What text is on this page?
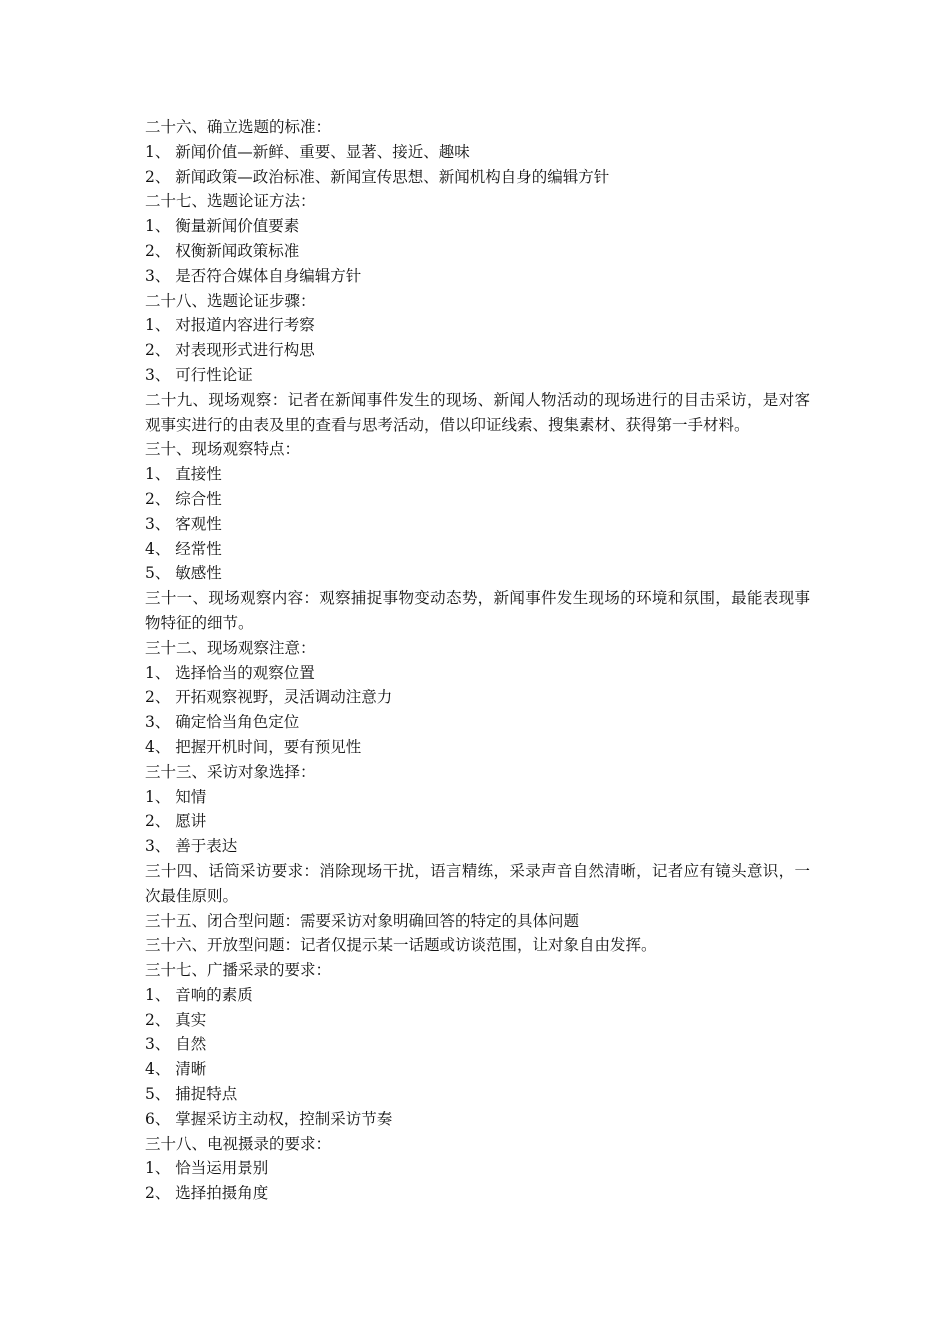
二十六、确立选题的标准：
1、 新闻价值—新鲜、重要、显著、接近、趣味
2、 新闻政策—政治标准、新闻宣传思想、新闻机构自身的编辑方针
二十七、选题论证方法：
1、 衡量新闻价值要素
2、 权衡新闻政策标准
3、 是否符合媒体自身编辑方针
二十八、选题论证步骤：
1、 对报道内容进行考察
2、 对表现形式进行构思
3、 可行性论证
二十九、现场观察：记者在新闻事件发生的现场、新闻人物活动的现场进行的目击采访，是对客观事实进行的由表及里的查看与思考活动，借以印证线索、搜集素材、获得第一手材料。
三十、现场观察特点：
1、 直接性
2、 综合性
3、 客观性
4、 经常性
5、 敏感性
三十一、现场观察内容：观察捕捉事物变动态势，新闻事件发生现场的环境和氛围，最能表现事物特征的细节。
三十二、现场观察注意：
1、 选择恰当的观察位置
2、 开拓观察视野，灵活调动注意力
3、 确定恰当角色定位
4、 把握开机时间，要有预见性
三十三、采访对象选择：
1、 知情
2、 愿讲
3、 善于表达
三十四、话筒采访要求：消除现场干扰，语言精练，采录声音自然清晰，记者应有镜头意识，一次最佳原则。
三十五、闭合型问题：需要采访对象明确回答的特定的具体问题
三十六、开放型问题：记者仅提示某一话题或访谈范围，让对象自由发挥。
三十七、广播采录的要求：
1、 音响的素质
2、 真实
3、 自然
4、 清晰
5、 捕捉特点
6、 掌握采访主动权，控制采访节奏
三十八、电视摄录的要求：
1、 恰当运用景别
2、 选择拍摄角度
